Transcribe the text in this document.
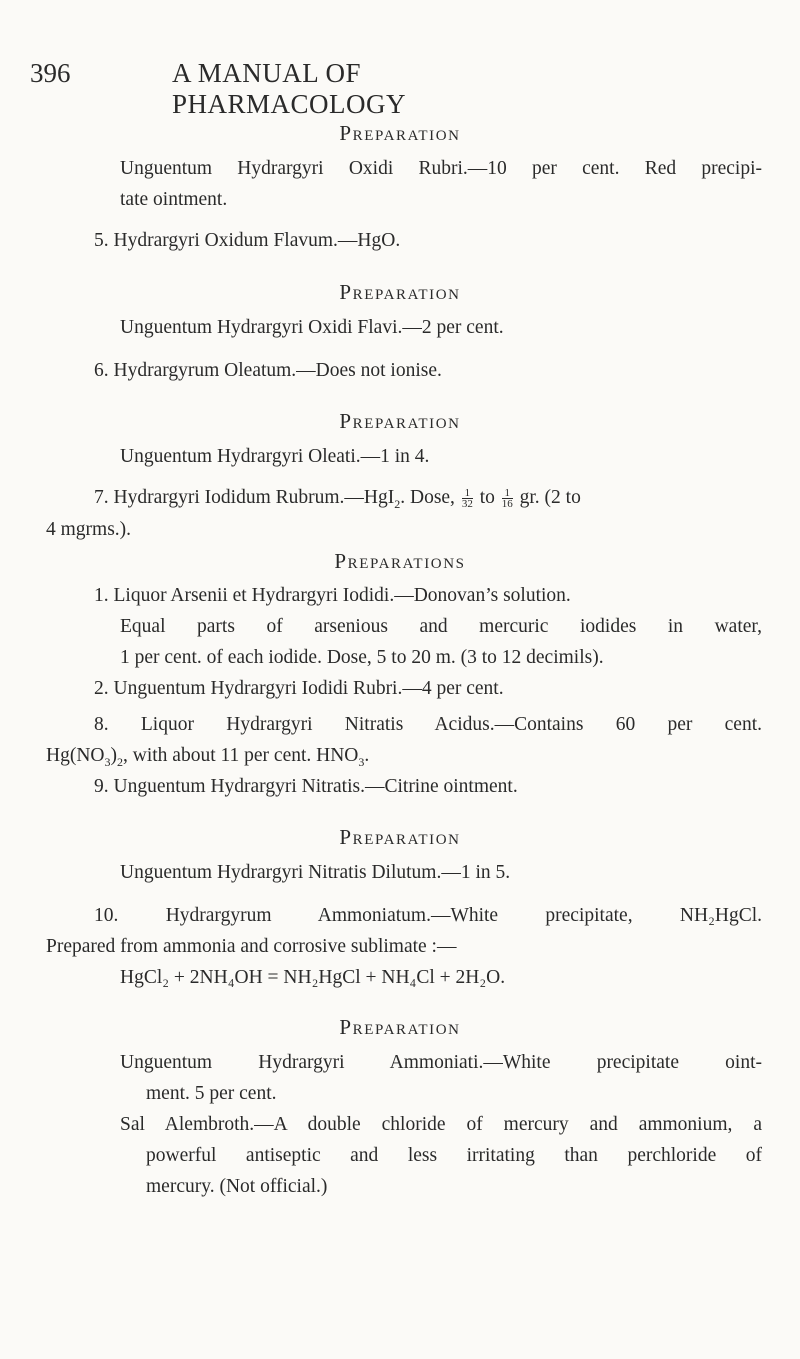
396	A MANUAL OF PHARMACOLOGY
Preparation
Unguentum Hydrargyri Oxidi Rubri.—10 per cent. Red precipi-
tate ointment.
5. Hydrargyri Oxidum Flavum.—HgO.
Preparation
Unguentum Hydrargyri Oxidi Flavi.—2 per cent.
6. Hydrargyrum Oleatum.—Does not ionise.
Preparation
Unguentum Hydrargyri Oleati.—1 in 4.
7. Hydrargyri Iodidum Rubrum.—HgI$_2$. Dose, $\frac{1}{32}$ to $\frac{1}{16}$ gr. (2 to
4 mgrms.).
Preparations
1. Liquor Arsenii et Hydrargyri Iodidi.—Donovan’s solution.
Equal parts of arsenious and mercuric iodides in water,
1 per cent. of each iodide. Dose, 5 to 20 m. (3 to 12 decimils).
2. Unguentum Hydrargyri Iodidi Rubri.—4 per cent.
8. Liquor Hydrargyri Nitratis Acidus.—Contains 60 per cent.
$Hg(NO_3)_2$, with about 11 per cent. $HNO_3$.
9. Unguentum Hydrargyri Nitratis.—Citrine ointment.
Preparation
Unguentum Hydrargyri Nitratis Dilutum.—1 in 5.
10. Hydrargyrum Ammoniatum.—White precipitate, NH₂HgCl.
Prepared from ammonia and corrosive sublimate :—
HgCl₂ + 2NH₄OH = NH₂HgCl + NH₄Cl + 2H₂O.
Preparation
Unguentum Hydrargyri Ammoniati.—White precipitate oint-
ment. 5 per cent.
Sal Alembroth.—A double chloride of mercury and ammonium, a
powerful antiseptic and less irritating than perchloride of
mercury. (Not official.)
